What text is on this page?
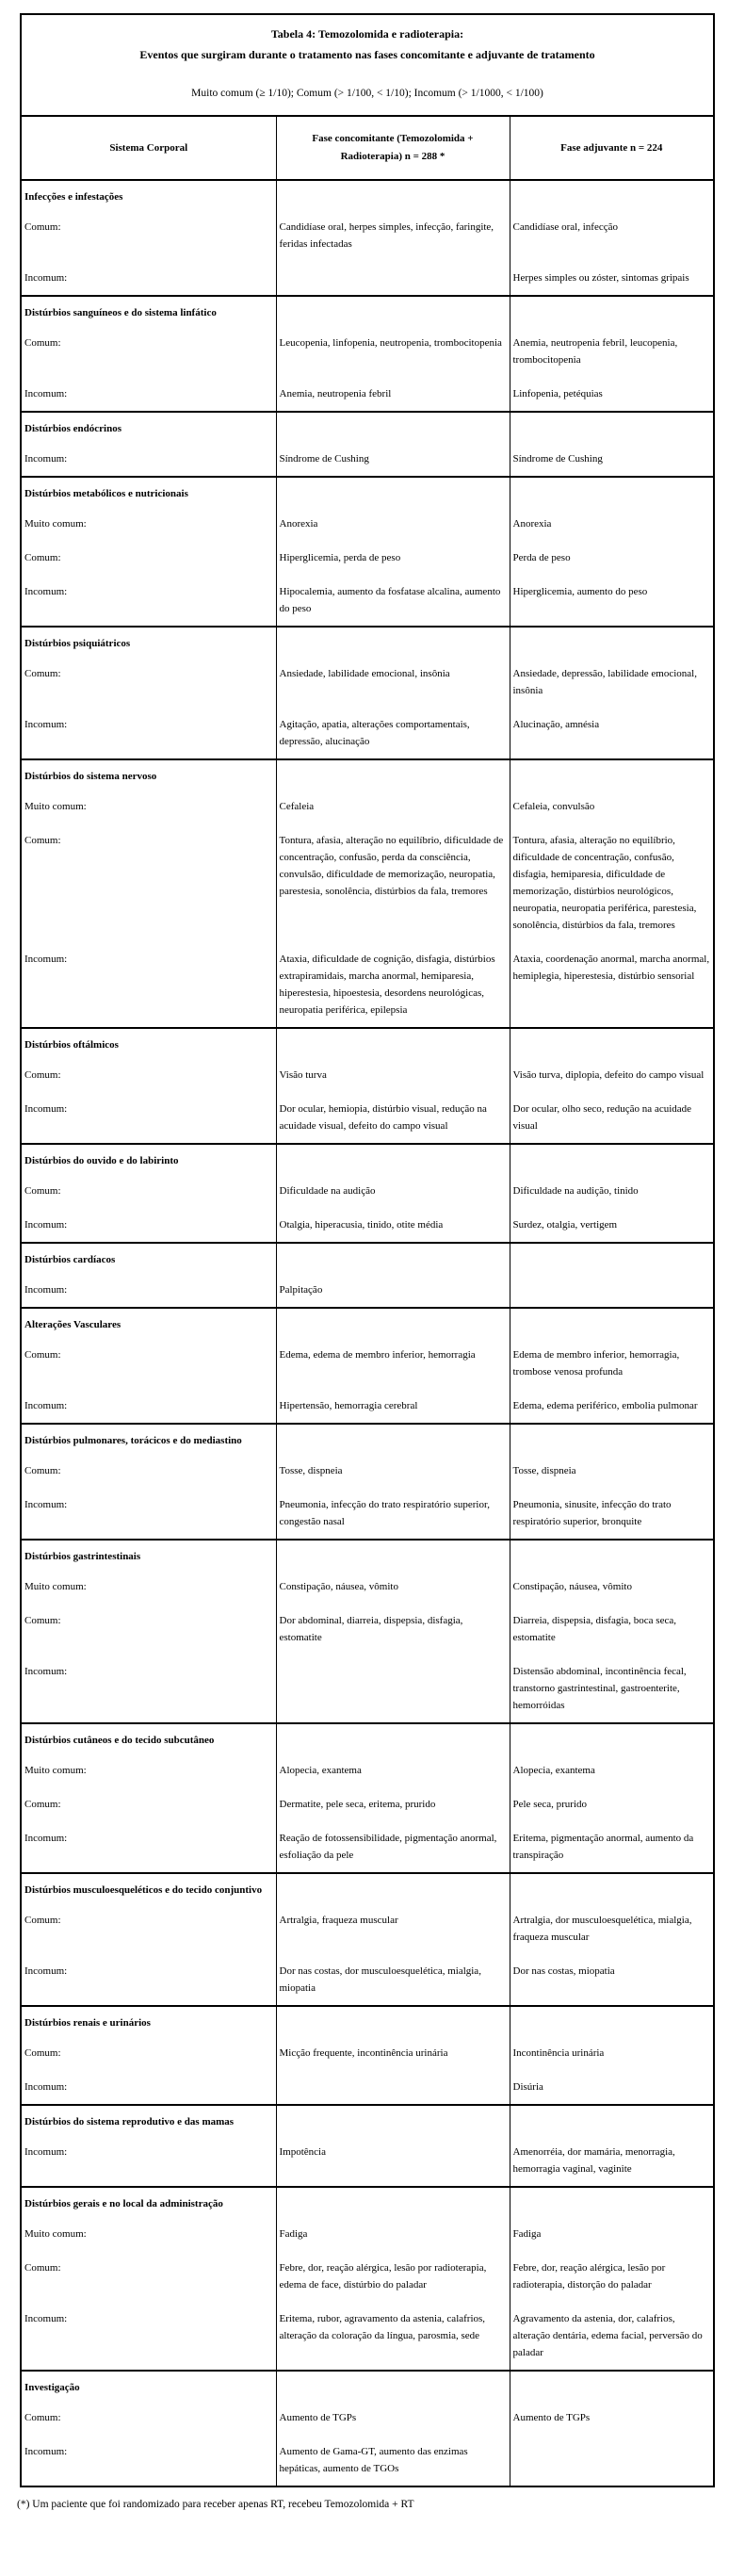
Tabela 4: Temozolomida e radioterapia:
Eventos que surgiram durante o tratamento nas fases concomitante e adjuvante de tratamento
Muito comum (≥ 1/10); Comum (> 1/100, < 1/10); Incomum (> 1/1000, < 1/100)		

Sistema Corporal	Fase concomitante (Temozolomida + Radioterapia) n = 288 *	Fase adjuvante n = 224
Infecções e infestações		
Comum:	Candidíase oral, herpes simples, infecção, faringite, feridas infectadas	Candidíase oral, infecção
Incomum:		Herpes simples ou zóster, sintomas gripais
Distúrbios sanguíneos e do sistema linfático		
Comum:	Leucopenia, linfopenia, neutropenia, trombocitopenia	Anemia, neutropenia febril, leucopenia, trombocitopenia
Incomum:	Anemia, neutropenia febril	Linfopenia, petéquias
Distúrbios endócrinos		
Incomum:	Síndrome de Cushing	Síndrome de Cushing
Distúrbios metabólicos e nutricionais		
Muito comum:	Anorexia	Anorexia
Comum:	Hiperglicemia, perda de peso	Perda de peso
Incomum:	Hipocalemia, aumento da fosfatase alcalina, aumento do peso	Hiperglicemia, aumento do peso
Distúrbios psiquiátricos		
Comum:	Ansiedade, labilidade emocional, insônia	Ansiedade, depressão, labilidade emocional, insônia
Incomum:	Agitação, apatia, alterações comportamentais, depressão, alucinação	Alucinação, amnésia
Distúrbios do sistema nervoso		
Muito comum:	Cefaleia	Cefaleia, convulsão
Comum:	Tontura, afasia, alteração no equilíbrio, dificuldade de concentração, confusão, perda da consciência, convulsão, dificuldade de memorização, neuropatia, parestesia, sonolência, distúrbios da fala, tremores	Tontura, afasia, alteração no equilíbrio, dificuldade de concentração, confusão, disfagia, hemiparesia, dificuldade de memorização, distúrbios neurológicos, neuropatia, neuropatia periférica, parestesia, sonolência, distúrbios da fala, tremores
Incomum:	Ataxia, dificuldade de cognição, disfagia, distúrbios extrapiramidais, marcha anormal, hemiparesia, hiperestesia, hipoestesia, desordens neurológicas, neuropatia periférica, epilepsia	Ataxia, coordenação anormal, marcha anormal, hemiplegia, hiperestesia, distúrbio sensorial
Distúrbios oftálmicos		
Comum:	Visão turva	Visão turva, diplopia, defeito do campo visual
Incomum:	Dor ocular, hemiopia, distúrbio visual, redução na acuidade visual, defeito do campo visual	Dor ocular, olho seco, redução na acuidade visual
Distúrbios do ouvido e do labirinto		
Comum:	Dificuldade na audição	Dificuldade na audição, tinido
Incomum:	Otalgia, hiperacusia, tinido, otite média	Surdez, otalgia, vertigem
Distúrbios cardíacos		
Incomum:	Palpitação	
Alterações Vasculares		
Comum:	Edema, edema de membro inferior, hemorragia	Edema de membro inferior, hemorragia, trombose venosa profunda
Incomum:	Hipertensão, hemorragia cerebral	Edema, edema periférico, embolia pulmonar
Distúrbios pulmonares, torácicos e do mediastino		
Comum:	Tosse, dispneia	Tosse, dispneia
Incomum:	Pneumonia, infecção do trato respiratório superior, congestão nasal	Pneumonia, sinusite, infecção do trato respiratório superior, bronquite
Distúrbios gastrintestinais		
Muito comum:	Constipação, náusea, vômito	Constipação, náusea, vômito
Comum:	Dor abdominal, diarreia, dispepsia, disfagia, estomatite	Diarreia, dispepsia, disfagia, boca seca, estomatite
Incomum:		Distensão abdominal, incontinência fecal, transtorno gastrintestinal, gastroenterite, hemorróidas
Distúrbios cutâneos e do tecido subcutâneo		
Muito comum:	Alopecia, exantema	Alopecia, exantema
Comum:	Dermatite, pele seca, eritema, prurido	Pele seca, prurido
Incomum:	Reação de fotossensibilidade, pigmentação anormal, esfoliação da pele	Eritema, pigmentação anormal, aumento da transpiração
Distúrbios musculoesqueléticos e do tecido conjuntivo		
Comum:	Artralgia, fraqueza muscular	Artralgia, dor musculoesquelética, mialgia, fraqueza muscular
Incomum:	Dor nas costas, dor musculoesquelética, mialgia, miopatia	Dor nas costas, miopatia
Distúrbios renais e urinários		
Comum:	Micção frequente, incontinência urinária	Incontinência urinária
Incomum:		Disúria
Distúrbios do sistema reprodutivo e das mamas		
Incomum:	Impotência	Amenorréia, dor mamária, menorragia, hemorragia vaginal, vaginite
Distúrbios gerais e no local da administração		
Muito comum:	Fadiga	Fadiga
Comum:	Febre, dor, reação alérgica, lesão por radioterapia, edema de face, distúrbio do paladar	Febre, dor, reação alérgica, lesão por radioterapia, distorção do paladar
Incomum:	Eritema, rubor, agravamento da astenia, calafrios, alteração da coloração da língua, parosmia, sede	Agravamento da astenia, dor, calafrios, alteração dentária, edema facial, perversão do paladar
Investigação		
Comum:	Aumento de TGPs	Aumento de TGPs
Incomum:	Aumento de Gama-GT, aumento das enzimas hepáticas, aumento de TGOs	
(*) Um paciente que foi randomizado para receber apenas RT, recebeu Temozolomida + RT
